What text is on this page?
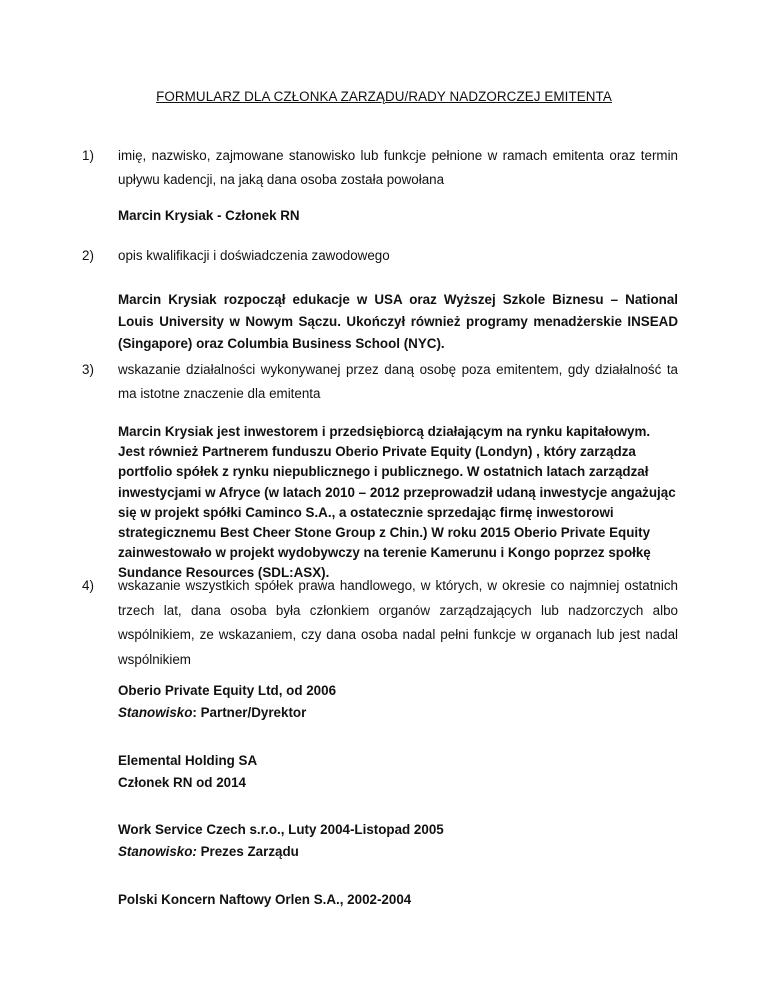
FORMULARZ DLA CZŁONKA ZARZĄDU/RADY NADZORCZEJ EMITENTA
1) imię, nazwisko, zajmowane stanowisko lub funkcje pełnione w ramach emitenta oraz termin upływu kadencji, na jaką dana osoba została powołana
Marcin Krysiak - Członek RN
2) opis kwalifikacji i doświadczenia zawodowego
Marcin Krysiak rozpoczął edukacje w USA oraz Wyższej Szkole Biznesu – National Louis University w Nowym Sączu. Ukończył również programy menadżerskie INSEAD (Singapore) oraz Columbia Business School (NYC).
3) wskazanie działalności wykonywanej przez daną osobę poza emitentem, gdy działalność ta ma istotne znaczenie dla emitenta
Marcin Krysiak jest inwestorem i przedsiębiorcą działającym na rynku kapitałowym. Jest również Partnerem funduszu Oberio Private Equity (Londyn) , który zarządza portfolio spółek z rynku niepublicznego i publicznego. W ostatnich latach zarządzał inwestycjami w Afryce (w latach 2010 – 2012 przeprowadził udaną inwestycje angażując się w projekt spółki Caminco S.A., a ostatecznie sprzedając firmę inwestorowi strategicznemu Best Cheer Stone Group z Chin.) W roku 2015 Oberio Private Equity zainwestowało w projekt wydobywczy na terenie Kamerunu i Kongo poprzez społkę Sundance Resources (SDL:ASX).
4) wskazanie wszystkich spółek prawa handlowego, w których, w okresie co najmniej ostatnich trzech lat, dana osoba była członkiem organów zarządzających lub nadzorczych albo wspólnikiem, ze wskazaniem, czy dana osoba nadal pełni funkcje w organach lub jest nadal wspólnikiem
Oberio Private Equity Ltd, od 2006
Stanowisko: Partner/Dyrektor
Elemental Holding SA
Członek RN od 2014
Work Service Czech s.r.o., Luty 2004-Listopad 2005
Stanowisko: Prezes Zarządu
Polski Koncern Naftowy Orlen S.A., 2002-2004
